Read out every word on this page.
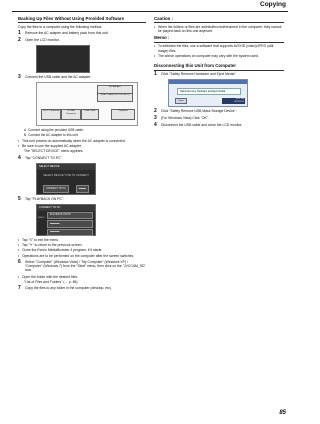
Copying
Backing Up Files Without Using Provided Software
Copy the files to a computer using the following method.
1	Remove the AC adapter and battery pack from this unit.
2	Open the LCD monitor.
3	Connect the USB cable and the AC adapter.
AC Adapter
To AC Outlet (110 V to 240 V)
To DC Connector	To USB Connector
USB Cable	Computer
A Connect using the provided USB cable.
B Connect the AC adapter to this unit.
• This unit powers on automatically when the AC adapter is connected.
• Be sure to use the supplied AC adapter.
The "SELECT DEVICE" menu appears.
4	Tap "CONNECT TO PC".
SELECT DEVICE
SELECT DEVICE TYPE TO CONNECT
CONNECT TO PC	▬▬▬
5	Tap "PLAYBACK ON PC".
CONNECT TO PC
PLAYBACK ON PC
▬▬▬▬
▬▬▬▬
MENU
• Tap "X" to exit the menu.
• Tap "↰" to return to the previous screen.
• Close the Everio MediaBrowser 4 program, if it starts.
• Operations are to be performed on the computer after the screen switches.
6	Select "Computer" (Windows Vista) / "My Computer" (Windows XP) / "Computer" (Windows 7) from the "Start" menu, then click on the "JVCCAM_SD" icon.
• Open the folder with the desired files.
"List of Files and Folders" (→ p. 86)
7	Copy the files to any folder in the computer (desktop, etc).
Caution :
• When the folders or files are deleted/moved/renamed in the computer, they cannot be played back on this unit anymore.
Memo :
• To edit/view the files, use a software that supports AVCHD (video)/JPEG (still image) files.
• The above operations on computer may vary with the system used.
Disconnecting this Unit from Computer
1	Click "Safely Remove Hardware and Eject Media".
Safely Remove Hardware and Eject Media
Open
4:51 PM
6/12/2012
2	Click "Safely Remove USB Mass Storage Device".
3	(For Windows Vista) Click "OK".
4	Disconnect the USB cable and close the LCD monitor.
85
